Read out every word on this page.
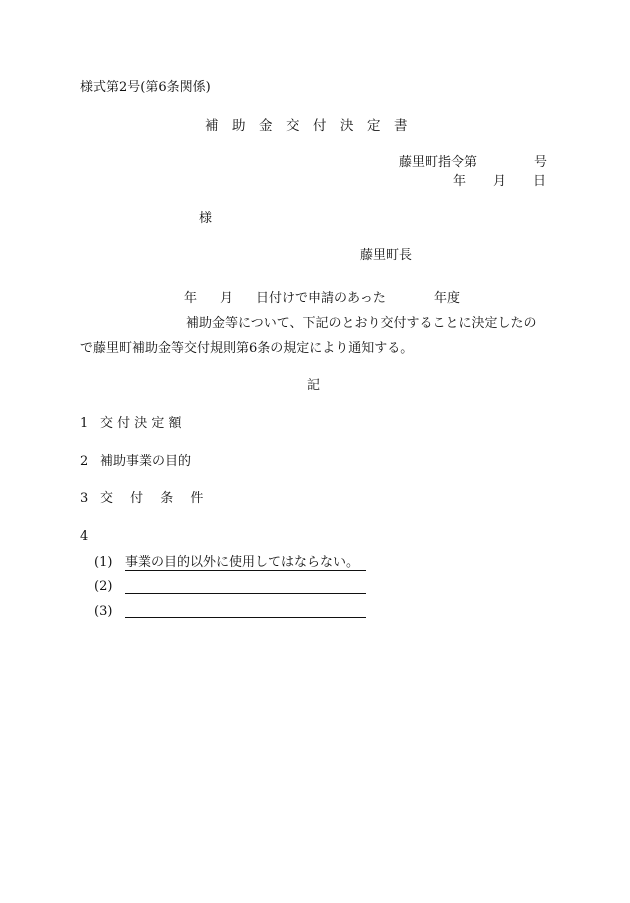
様式第2号(第6条関係)
補　助　金　交　付　決　定　書
藤里町指令第	号
年 月 日
様
藤里町長
年 月 日付けで申請のあった	年度
補助金等について、下記のとおり交付することに決定したの
で藤里町補助金等交付規則第6条の規定により通知する。
記
1 交 付 決 定 額
2 補助事業の目的
3 交　 付　 条　 件
4
(1) 事業の目的以外に使用してはならない。
(2)
(3)
